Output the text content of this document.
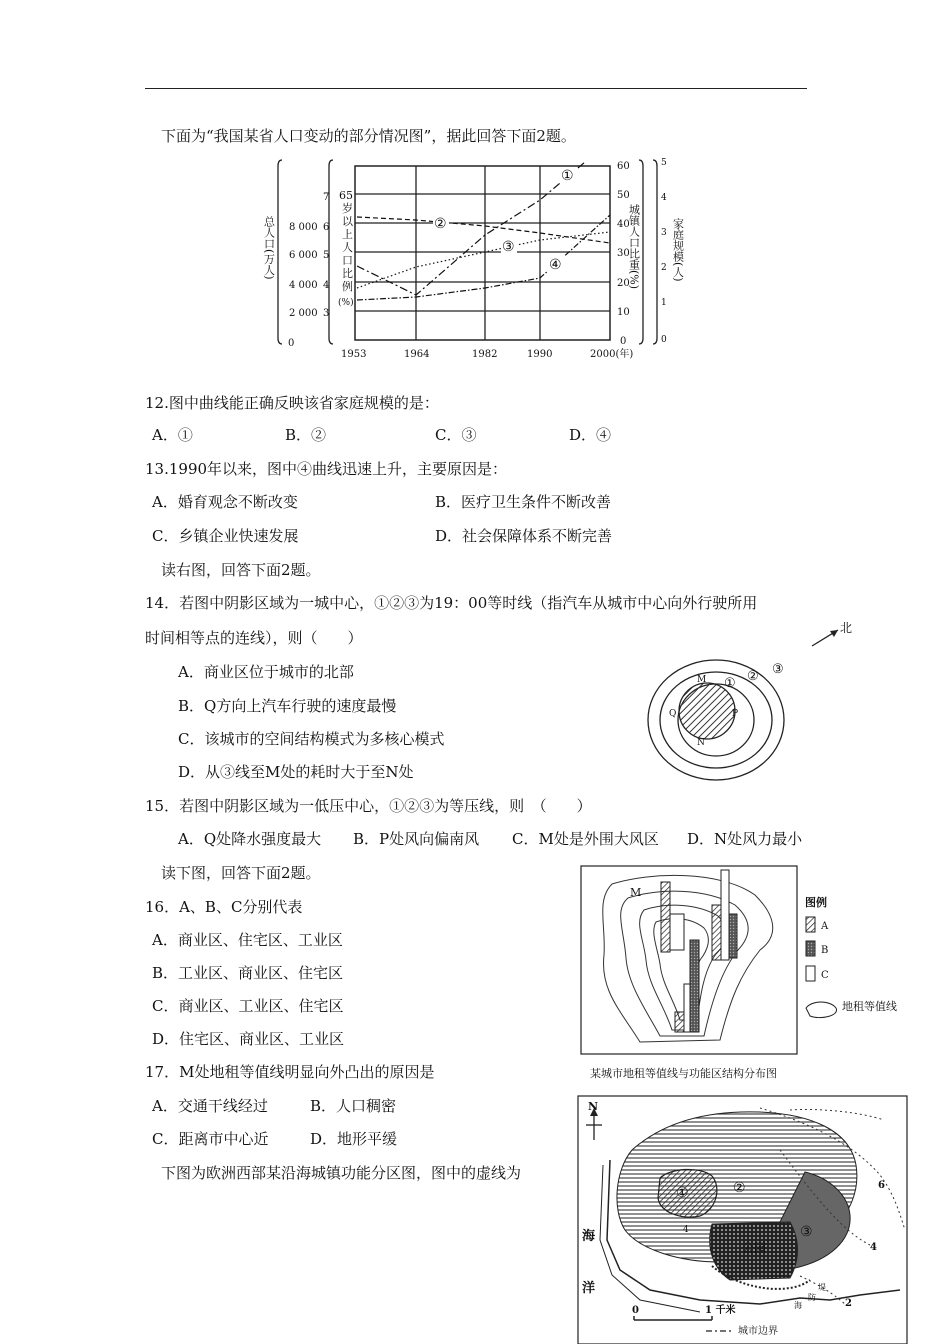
下面为“我国某省人口变动的部分情况图”，据此回答下面2题。
8 000
6 000
4 000
2 000
0
7
6
5
4
3
60
50
40
30
20
10
0
5
4
3
2
1
0
1953	1964	1982	1990	2000(年)
总人口(万人)	城镇人口比重(%)	家庭规模(人)
65
岁
以
上
人
口
比
例
(%)
①
②
③
④
12.图中曲线能正确反映该省家庭规模的是：
A．①	B．②	C．③	D．④
13.1990年以来，图中④曲线迅速上升，主要原因是：
A．婚育观念不断改变	B．医疗卫生条件不断改善
C．乡镇企业快速发展	D．社会保障体系不断完善
读右图，回答下面2题。
14．若图中阴影区域为一城中心，①②③为19：00等时线（指汽车从城市中心向外行驶所用
时间相等点的连线），则（　　）
A．商业区位于城市的北部
B．Q方向上汽车行驶的速度最慢
C．该城市的空间结构模式为多核心模式
D．从③线至M处的耗时大于至N处
北
① ② ③
M
N
P
Q
15．若图中阴影区域为一低压中心，①②③为等压线，则　（　　）
A．Q处降水强度最大 B．P处风向偏南风 C．M处是外围大风区 D．N处风力最小
读下图，回答下面2题。
16．A、B、C分别代表
A．商业区、住宅区、工业区
B．工业区、商业区、住宅区
C．商业区、工业区、住宅区
D．住宅区、商业区、工业区
17．M处地租等值线明显向外凸出的原因是
A．交通干线经过	B．人口稠密
C．距离市中心近	D．地形平缓
下图为欧洲西部某沿海城镇功能分区图，图中的虚线为
M
图例
A
B
C
地租等值线
某城市地租等值线与功能区结构分布图
N
海
洋
公园
①	②
③
6
4
2
4
堤
防
海
0	1 千米
城市边界
